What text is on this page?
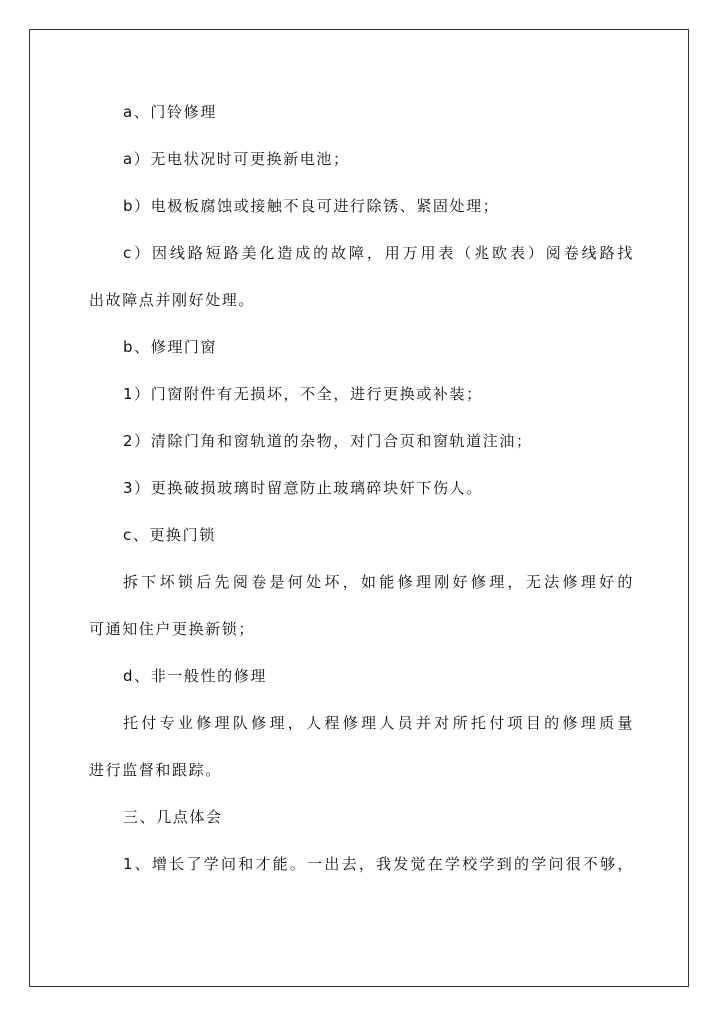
a、门铃修理
a）无电状况时可更换新电池；
b）电极板腐蚀或接触不良可进行除锈、紧固处理；
c）因线路短路美化造成的故障，用万用表（兆欧表）阅卷线路找
出故障点并刚好处理。
b、修理门窗
1）门窗附件有无损坏，不全，进行更换或补装；
2）清除门角和窗轨道的杂物，对门合页和窗轨道注油；
3）更换破损玻璃时留意防止玻璃碎块奸下伤人。
c、更换门锁
拆下坏锁后先阅卷是何处坏，如能修理刚好修理，无法修理好的
可通知住户更换新锁；
d、非一般性的修理
托付专业修理队修理，人程修理人员并对所托付项目的修理质量
进行监督和跟踪。
三、几点体会
1、增长了学问和才能。一出去，我发觉在学校学到的学问很不够，
